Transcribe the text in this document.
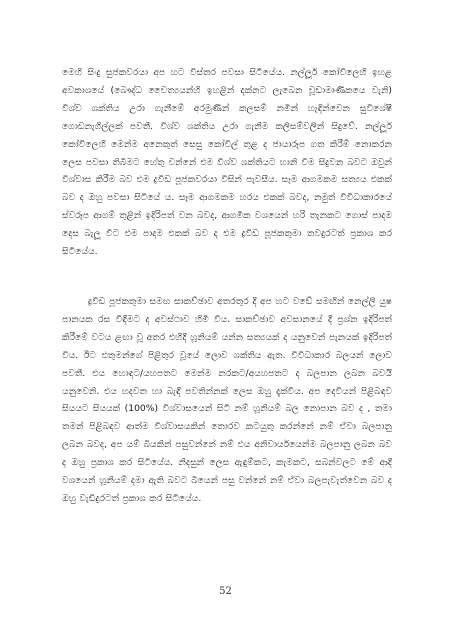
මෙහි සිංදු සුජකවරයා අප හට විස්තර පවසා සිටියේය. නල්ලූර් කෝවිලෙහි ඉහළ අවකාශයේ (බෞද්ධ චෛත්‍යයන්හි ඉහළින් දක්නට ලැබෙන චූඩාමාණිකයෙ වැනි) විශ්ව ශක්තිය උරා ගැනීමේ අරමුණින් කලසම් නමින් හැඳින්වෙන සුවිශේෂී ගොඩනැගිල්ලක් පවතී. විශ්ව ශක්තිය උරා ගැනීම කලිසම්වලින් සිදුවේ. නල්ලූර් කෝවිලෙහි මෙන්ම අනෙකුත් සෙසු කෝවිල් තුළ ද ජායාරූප ගත කිරීම් නොකරන ලෙස පවසා තිබීමට හේතු වන්නේ එම විශ්ව ශක්තියට හානි වීම සිදුවන බවට ඔවුන් විශ්වාස කිරීම බව එම ද්‍රවිඩ පූජකවරයා විසින් පැවසීය. සෑම ආගමකම සත්‍යය එකක් බව ද ඔහු පවසා සිටියේ ය. සෑම ආගමකම හරය එකක් බවද, නමුත් විවිධාකාරයේ ස්වරූප ආගම් තුළින් ඉදිරිපත් වන බවද, ආගමික වශයෙන් හරි තැනකට ගොස් පාදම දෙස බැලූ විට එම පාදම එකක් බව ද එම ද්‍රවිඩ පූජකතුමා තවදුරටත් ප්‍රකාශ කර සිටියේය.

ද්‍රවිඩ පූජකතුමා සමඟ සාකච්ඡාව අතරතුර දී අප හට වඩේ සමඟින් නෙල්ලි යුෂ පානයක රස විඳීමට ද අවස්ථාව හිමි විය. සාකච්ඡාව අවසානයේ දී ප්‍රශ්න ඉදිරිපත් කිරීමේ වටය ළඟා වූ අතර එහිදී හූනියම් යන්න සත්‍යයක් ද යනුවෙන් පැනයක් ඉදිරිපත් විය. ඊට එතුමන්ගේ පිළිතුර වූයේ ලොව ශක්තිය ඇත. විවිධාකාර බලයන් ලොව පවතී. එය හොඳට/යහපතට මෙන්ම නරකට/අයහපතට ද බලපාන ලබන බවයි යනුවෙනි. එය හදවත හා බැඳී පවතින්නක් ලෙස ඔහු දැක්වීය. අප දෙවියන් පිළිබඳව සියයට සියයක් (100%) විශ්වාසයෙන් සිටි නම් හූනියම් බල නොපාන බව ද , තමා තමන් පිළිබඳව ආත්ම විශ්වාසයකින් තොරව කටයුතු කරන්නේ නම් ඒවා බලපානු ලබන බවද, අප යම් බියකින් පසුවන්නේ නම් එය අනිවාර්යයෙන්ම බලපානු ලබන බව ද ඔහු ප්‍රකාශ කර සිටියේය. නිදසුන් ලෙස ඇඳුම්කට, කැමකට, සබන්වලට මේ ආදී වශයෙන් හූනියම් දමා ඇති බවට බියෙන් පසු වන්නේ නම් ඒවා බලපැවැත්වෙන බව ද ඔහු වැඩිදුරටත් ප්‍රකාශ කර සිටියේය.

52
